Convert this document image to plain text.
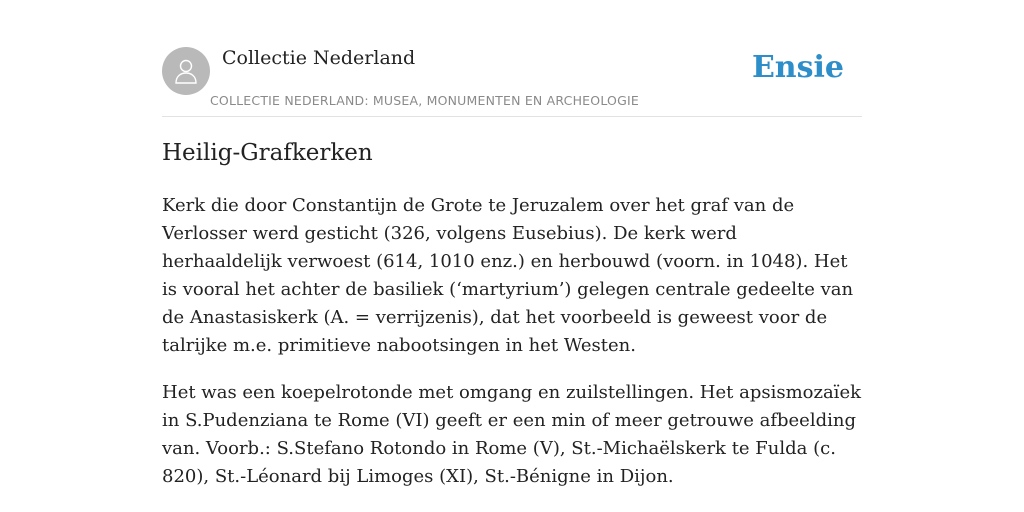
Collectie Nederland
COLLECTIE NEDERLAND: MUSEA, MONUMENTEN EN ARCHEOLOGIE
Ensie
Heilig-Grafkerken

Kerk die door Constantijn de Grote te Jeruzalem over het graf van de Verlosser werd gesticht (326, volgens Eusebius). De kerk werd herhaaldelijk verwoest (614, 1010 enz.) en herbouwd (voorn. in 1048). Het is vooral het achter de basiliek (‘martyrium’) gelegen centrale gedeelte van de Anastasiskerk (A. = verrijzenis), dat het voorbeeld is geweest voor de talrijke m.e. primitieve nabootsingen in het Westen.

Het was een koepelrotonde met omgang en zuilstellingen. Het apsismozaïek in S.Pudenziana te Rome (VI) geeft er een min of meer getrouwe afbeelding van. Voorb.: S.Stefano Rotondo in Rome (V), St.-Michaëlskerk te Fulda (c. 820), St.-Léonard bij Limoges (XI), St.-Bénigne in Dijon.
